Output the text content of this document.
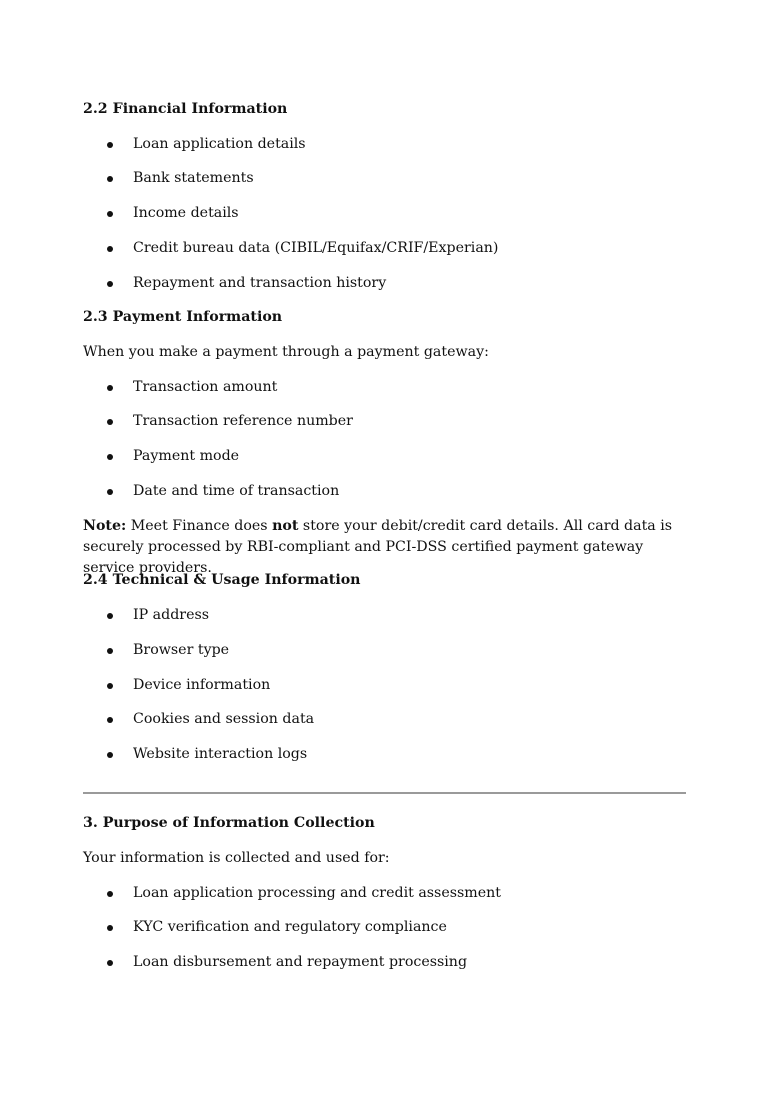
2.2 Financial Information
Loan application details
Bank statements
Income details
Credit bureau data (CIBIL/Equifax/CRIF/Experian)
Repayment and transaction history
2.3 Payment Information
When you make a payment through a payment gateway:
Transaction amount
Transaction reference number
Payment mode
Date and time of transaction
Note: Meet Finance does not store your debit/credit card details. All card data is securely processed by RBI-compliant and PCI-DSS certified payment gateway service providers.
2.4 Technical & Usage Information
IP address
Browser type
Device information
Cookies and session data
Website interaction logs
3. Purpose of Information Collection
Your information is collected and used for:
Loan application processing and credit assessment
KYC verification and regulatory compliance
Loan disbursement and repayment processing
